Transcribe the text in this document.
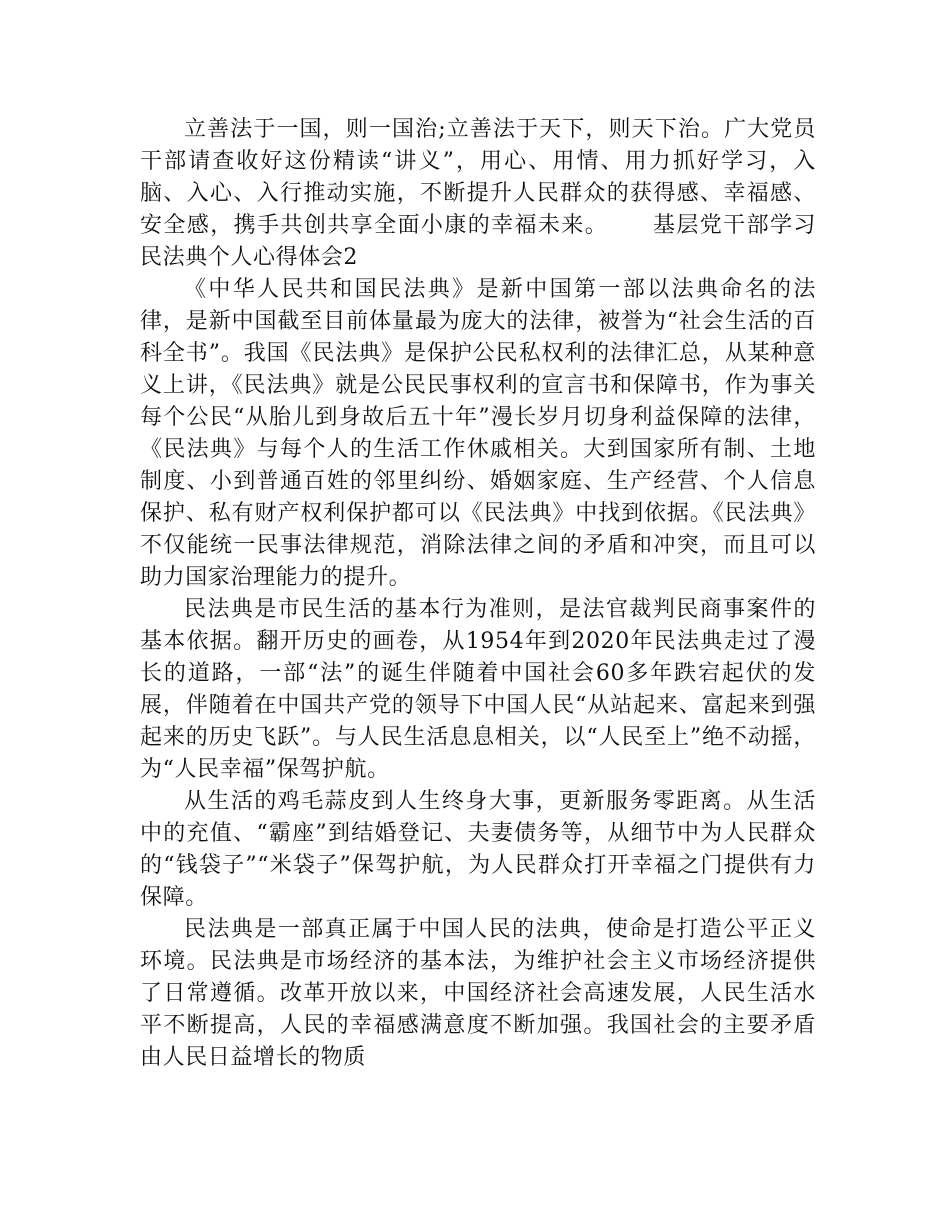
立善法于一国，则一国治;立善法于天下，则天下治。广大党员干部请查收好这份精读“讲义”，用心、用情、用力抓好学习，入脑、入心、入行推动实施，不断提升人民群众的获得感、幸福感、安全感，携手共创共享全面小康的幸福未来。 基层党干部学习民法典个人心得体会2

《中华人民共和国民法典》是新中国第一部以法典命名的法律，是新中国截至目前体量最为庞大的法律，被誉为“社会生活的百科全书”。我国《民法典》是保护公民私权利的法律汇总，从某种意义上讲，《民法典》就是公民民事权利的宣言书和保障书，作为事关每个公民“从胎儿到身故后五十年”漫长岁月切身利益保障的法律，《民法典》与每个人的生活工作休戚相关。大到国家所有制、土地制度、小到普通百姓的邻里纠纷、婚姻家庭、生产经营、个人信息保护、私有财产权利保护都可以《民法典》中找到依据。《民法典》不仅能统一民事法律规范，消除法律之间的矛盾和冲突，而且可以助力国家治理能力的提升。

民法典是市民生活的基本行为准则，是法官裁判民商事案件的基本依据。翻开历史的画卷，从1954年到2020年民法典走过了漫长的道路，一部“法”的诞生伴随着中国社会60多年跌宕起伏的发展，伴随着在中国共产党的领导下中国人民“从站起来、富起来到强起来的历史飞跃”。与人民生活息息相关，以“人民至上”绝不动摇，为“人民幸福”保驾护航。

从生活的鸡毛蒜皮到人生终身大事，更新服务零距离。从生活中的充值、“霸座”到结婚登记、夫妻债务等，从细节中为人民群众的“钱袋子”“米袋子”保驾护航，为人民群众打开幸福之门提供有力保障。

民法典是一部真正属于中国人民的法典，使命是打造公平正义环境。民法典是市场经济的基本法，为维护社会主义市场经济提供了日常遵循。改革开放以来，中国经济社会高速发展，人民生活水平不断提高，人民的幸福感满意度不断加强。我国社会的主要矛盾由人民日益增长的物质
